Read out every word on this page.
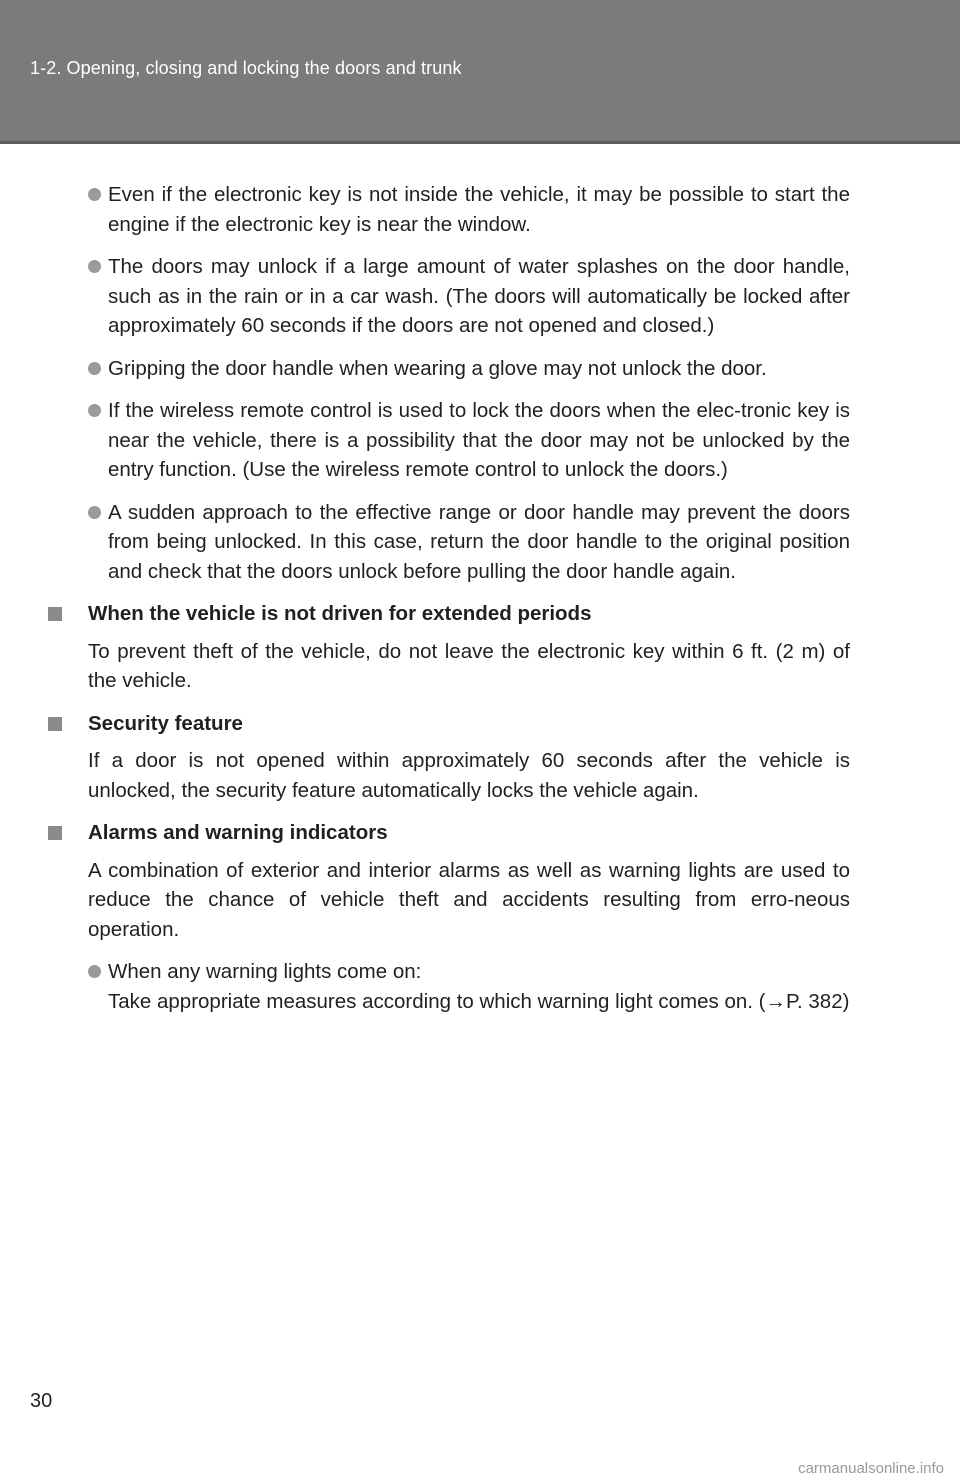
1-2. Opening, closing and locking the doors and trunk
Even if the electronic key is not inside the vehicle, it may be possible to start the engine if the electronic key is near the window.
The doors may unlock if a large amount of water splashes on the door handle, such as in the rain or in a car wash. (The doors will automatically be locked after approximately 60 seconds if the doors are not opened and closed.)
Gripping the door handle when wearing a glove may not unlock the door.
If the wireless remote control is used to lock the doors when the elec-tronic key is near the vehicle, there is a possibility that the door may not be unlocked by the entry function. (Use the wireless remote control to unlock the doors.)
A sudden approach to the effective range or door handle may prevent the doors from being unlocked. In this case, return the door handle to the original position and check that the doors unlock before pulling the door handle again.
When the vehicle is not driven for extended periods
To prevent theft of the vehicle, do not leave the electronic key within 6 ft. (2 m) of the vehicle.
Security feature
If a door is not opened within approximately 60 seconds after the vehicle is unlocked, the security feature automatically locks the vehicle again.
Alarms and warning indicators
A combination of exterior and interior alarms as well as warning lights are used to reduce the chance of vehicle theft and accidents resulting from erro-neous operation.
When any warning lights come on:
Take appropriate measures according to which warning light comes on. (→P. 382)
30
carmanualsonline.info
